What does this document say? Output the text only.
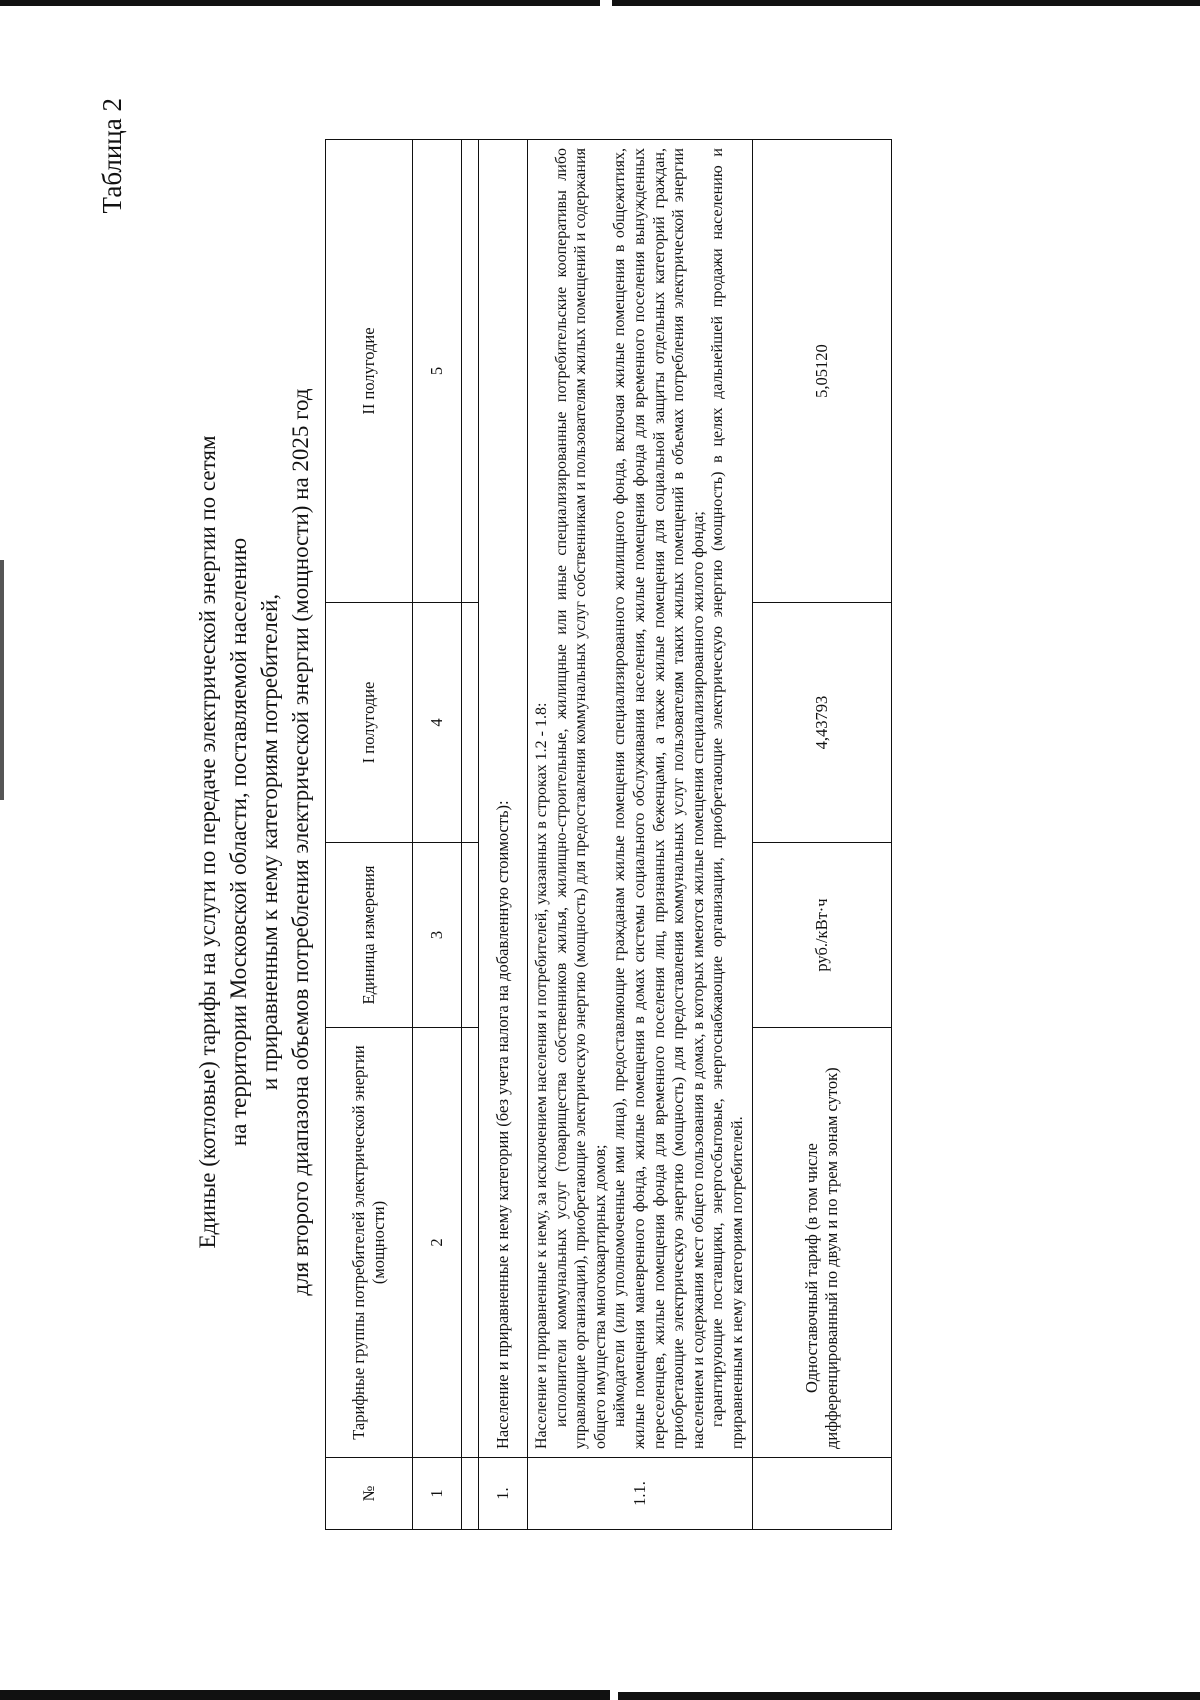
Таблица 2
Единые (котловые) тарифы на услуги по передаче электрической энергии по сетям на территории Московской области, поставляемой населению и приравненным к нему категориям потребителей, для второго диапазона объемов потребления электрической энергии (мощности) на 2025 год
№	Тарифные группы потребителей электрической энергии (мощности)	Единица измерения	I полугодие	II полугодие
1	2	3	4	5

1.	Население и приравненные к нему категории (без учета налога на добавленную стоимость):			
1.1.	Население и приравненные к нему, за исключением населения и потребителей, указанных в строках 1.2 - 1.8: исполнители коммунальных услуг (товарищества собственников жилья, жилищно-строительные, жилищные или иные специализированные потребительские кооперативы либо управляющие организации), приобретающие электрическую энергию (мощность) для предоставления коммунальных услуг собственникам и пользователям жилых помещений и содержания общего имущества многоквартирных домов; наймодатели (или уполномоченные ими лица), предоставляющие гражданам жилые помещения специализированного жилищного фонда, включая жилые помещения в общежитиях, жилые помещения маневренного фонда, жилые помещения в домах системы социального обслуживания населения, жилые помещения фонда для временного поселения вынужденных переселенцев, жилые помещения фонда для временного поселения лиц, признанных беженцами, а также жилые помещения для социальной защиты отдельных категорий граждан, приобретающие электрическую энергию (мощность) для предоставления коммунальных услуг пользователям таких жилых помещений в объемах потребления электрической энергии населением и содержания мест общего пользования в домах, в которых имеются жилые помещения специализированного жилого фонда; гарантирующие поставщики, энергосбытовые, энергоснабжающие организации, приобретающие электрическую энергию (мощность) в целях дальнейшей продажи населению и приравненным к нему категориям потребителей.			

	Одноставочный тариф (в том числе дифференцированный по двум и по трем зонам суток)	руб./кВт·ч	4,43793	5,05120
